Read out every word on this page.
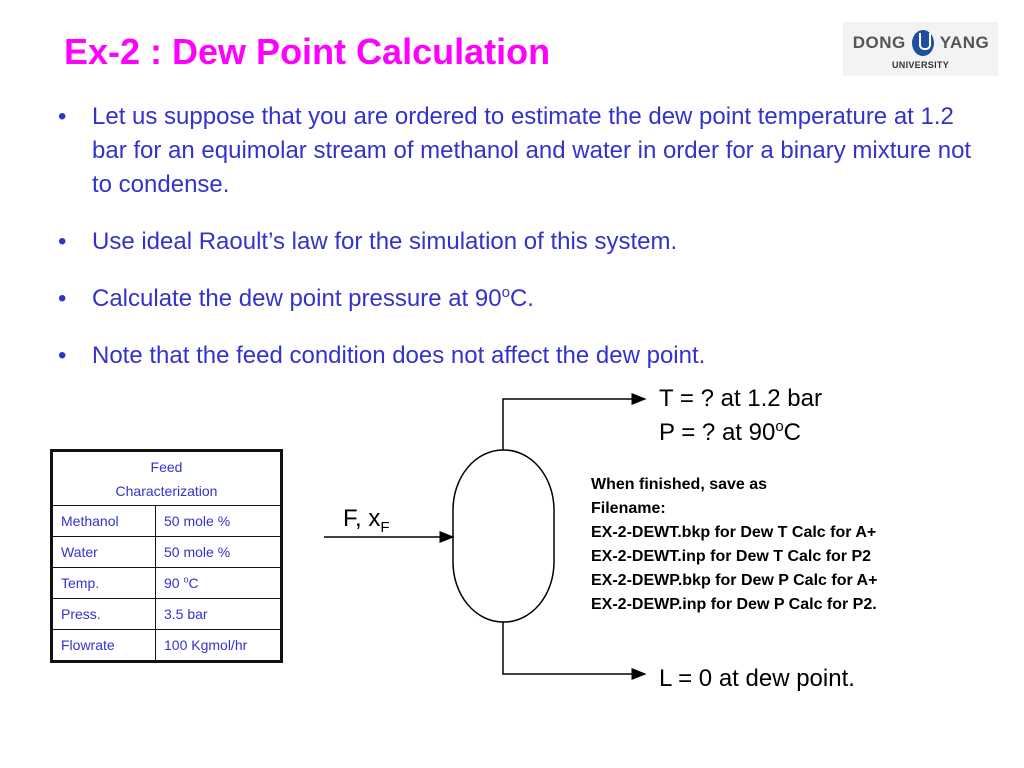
Ex-2 : Dew Point Calculation	DONG YANG
UNIVERSITY
• Let us suppose that you are ordered to estimate the dew point temperature at 1.2 bar for an equimolar stream of methanol and water in order for a binary mixture not to condense.
• Use ideal Raoult’s law for the simulation of this system.
• Calculate the dew point pressure at 90$^o$C.
• Note that the feed condition does not affect the dew point.
Feed
Characterization	
Methanol	50 mole %
Water	50 mole %
Temp.	90 $^o$C
Press.	3.5 bar
Flowrate	100 Kgmol/hr
T = ? at 1.2 bar
P = ? at 90$^o$C
F, $x_F$
L = 0 at dew point.
When finished, save as
Filename:
EX-2-DEWT.bkp for Dew T Calc for A+
EX-2-DEWT.inp for Dew T Calc for P2
EX-2-DEWP.bkp for Dew P Calc for A+
EX-2-DEWP.inp for Dew P Calc for P2.
